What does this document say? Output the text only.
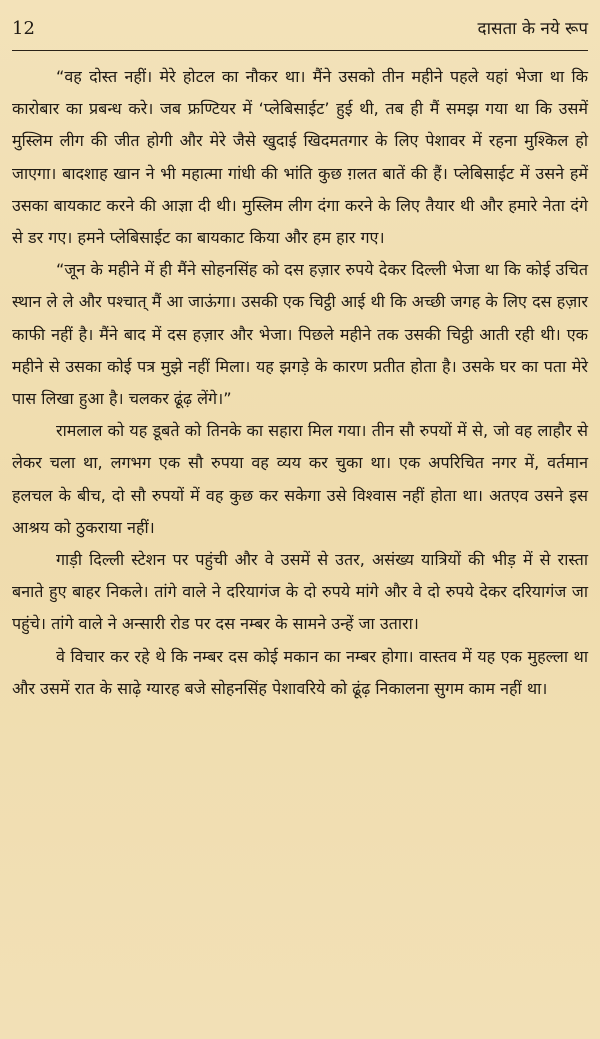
12	दासता के नये रूप

“वह दोस्त नहीं। मेरे होटल का नौकर था। मैंने उसको तीन महीने पहले यहां भेजा था कि कारोबार का प्रबन्ध करे। जब फ्रण्टियर में ‘प्लेबिसाईट’ हुई थी, तब ही मैं समझ गया था कि उसमें मुस्लिम लीग की जीत होगी और मेरे जैसे खुदाई खिदमतगार के लिए पेशावर में रहना मुश्किल हो जाएगा। बादशाह खान ने भी महात्मा गांधी की भांति कुछ ग़लत बातें की हैं। प्लेबिसाईट में उसने हमें उसका बायकाट करने की आज्ञा दी थी। मुस्लिम लीग दंगा करने के लिए तैयार थी और हमारे नेता दंगे से डर गए। हमने प्लेबिसाईट का बायकाट किया और हम हार गए।

“जून के महीने में ही मैंने सोहनसिंह को दस हज़ार रुपये देकर दिल्ली भेजा था कि कोई उचित स्थान ले ले और पश्चात् मैं आ जाऊंगा। उसकी एक चिट्ठी आई थी कि अच्छी जगह के लिए दस हज़ार काफी नहीं है। मैंने बाद में दस हज़ार और भेजा। पिछले महीने तक उसकी चिट्ठी आती रही थी। एक महीने से उसका कोई पत्र मुझे नहीं मिला। यह झगड़े के कारण प्रतीत होता है। उसके घर का पता मेरे पास लिखा हुआ है। चलकर ढूंढ़ लेंगे।”

रामलाल को यह डूबते को तिनके का सहारा मिल गया। तीन सौ रुपयों में से, जो वह लाहौर से लेकर चला था, लगभग एक सौ रुपया वह व्यय कर चुका था। एक अपरिचित नगर में, वर्तमान हलचल के बीच, दो सौ रुपयों में वह कुछ कर सकेगा उसे विश्वास नहीं होता था। अतएव उसने इस आश्रय को ठुकराया नहीं।

गाड़ी दिल्ली स्टेशन पर पहुंची और वे उसमें से उतर, असंख्य यात्रियों की भीड़ में से रास्ता बनाते हुए बाहर निकले। तांगे वाले ने दरियागंज के दो रुपये मांगे और वे दो रुपये देकर दरियागंज जा पहुंचे। तांगे वाले ने अन्सारी रोड पर दस नम्बर के सामने उन्हें जा उतारा।

वे विचार कर रहे थे कि नम्बर दस कोई मकान का नम्बर होगा। वास्तव में यह एक मुहल्ला था और उसमें रात के साढ़े ग्यारह बजे सोहनसिंह पेशावरिये को ढूंढ़ निकालना सुगम काम नहीं था।
